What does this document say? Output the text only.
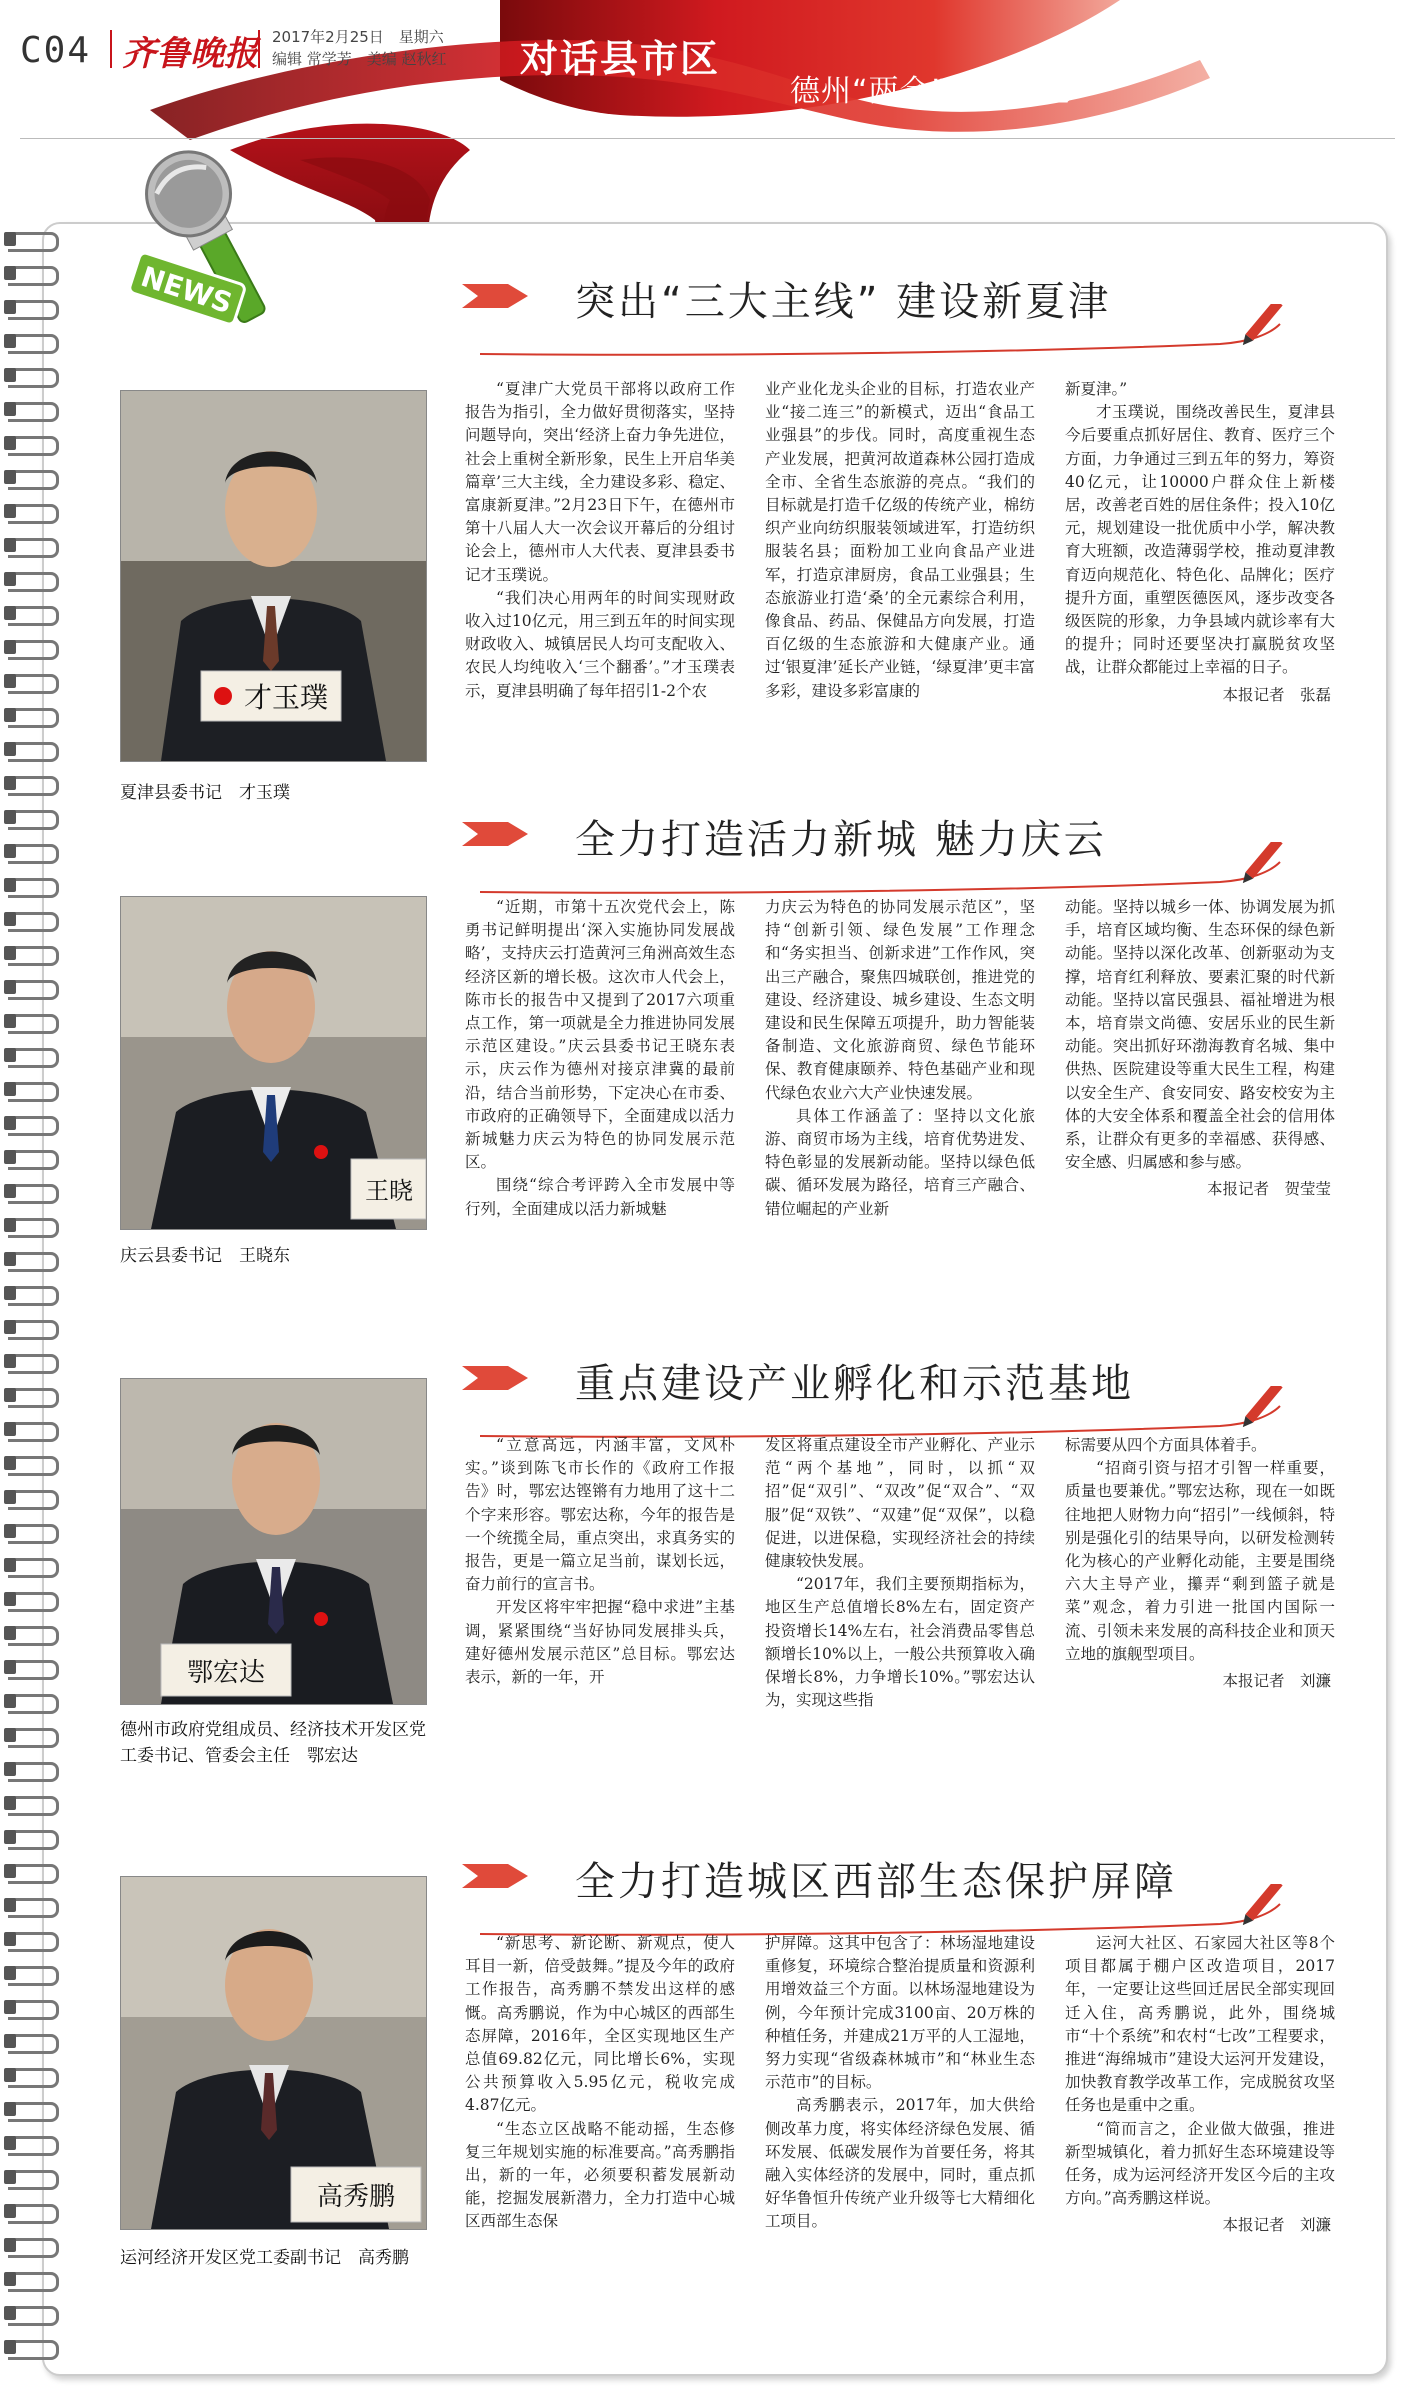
C04 齐鲁晚报 2017年2月25日　星期六
编辑 常学芳　美编 赵秋红 对话县市区
德州“两会”专题报道
NEWS	突出“三大主线” 建设新夏津
才玉璞
夏津县委书记　才玉璞

“夏津广大党员干部将以政府工作报告为指引，全力做好贯彻落实，坚持问题导向，突出‘经济上奋力争先进位，社会上重树全新形象，民生上开启华美篇章’三大主线，全力建设多彩、稳定、富康新夏津。”2月23日下午，在德州市第十八届人大一次会议开幕后的分组讨论会上，德州市人大代表、夏津县委书记才玉璞说。

“我们决心用两年的时间实现财政收入过10亿元，用三到五年的时间实现财政收入、城镇居民人均可支配收入、农民人均纯收入‘三个翻番’。”才玉璞表示，夏津县明确了每年招引1-2个农

业产业化龙头企业的目标，打造农业产业“接二连三”的新模式，迈出“食品工业强县”的步伐。同时，高度重视生态产业发展，把黄河故道森林公园打造成全市、全省生态旅游的亮点。“我们的目标就是打造千亿级的传统产业，棉纺织产业向纺织服装领域进军，打造纺织服装名县；面粉加工业向食品产业进军，打造京津厨房，食品工业强县；生态旅游业打造‘桑’的全元素综合利用，像食品、药品、保健品方向发展，打造百亿级的生态旅游和大健康产业。通过‘银夏津’延长产业链，‘绿夏津’更丰富多彩，建设多彩富康的

新夏津。”

才玉璞说，围绕改善民生，夏津县今后要重点抓好居住、教育、医疗三个方面，力争通过三到五年的努力，筹资40亿元，让10000户群众住上新楼居，改善老百姓的居住条件；投入10亿元，规划建设一批优质中小学，解决教育大班额，改造薄弱学校，推动夏津教育迈向规范化、特色化、品牌化；医疗提升方面，重塑医德医风，逐步改变各级医院的形象，力争县域内就诊率有大的提升；同时还要坚决打赢脱贫攻坚战，让群众都能过上幸福的日子。

本报记者　张磊
全力打造活力新城 魅力庆云
王晓
庆云县委书记　王晓东

“近期，市第十五次党代会上，陈勇书记鲜明提出‘深入实施协同发展战略’，支持庆云打造黄河三角洲高效生态经济区新的增长极。这次市人代会上，陈市长的报告中又提到了2017六项重点工作，第一项就是全力推进协同发展示范区建设。”庆云县委书记王晓东表示，庆云作为德州对接京津冀的最前沿，结合当前形势，下定决心在市委、市政府的正确领导下，全面建成以活力新城魅力庆云为特色的协同发展示范区。

围绕“综合考评跨入全市发展中等行列，全面建成以活力新城魅

力庆云为特色的协同发展示范区”，坚持“创新引领、绿色发展”工作理念和“务实担当、创新求进”工作作风，突出三产融合，聚焦四城联创，推进党的建设、经济建设、城乡建设、生态文明建设和民生保障五项提升，助力智能装备制造、文化旅游商贸、绿色节能环保、教育健康颐养、特色基础产业和现代绿色农业六大产业快速发展。

具体工作涵盖了：坚持以文化旅游、商贸市场为主线，培育优势进发、特色彰显的发展新动能。坚持以绿色低碳、循环发展为路径，培育三产融合、错位崛起的产业新

动能。坚持以城乡一体、协调发展为抓手，培育区域均衡、生态环保的绿色新动能。坚持以深化改革、创新驱动为支撑，培育红利释放、要素汇聚的时代新动能。坚持以富民强县、福祉增进为根本，培育崇文尚德、安居乐业的民生新动能。突出抓好环渤海教育名城、集中供热、医院建设等重大民生工程，构建以安全生产、食安同安、路安校安为主体的大安全体系和覆盖全社会的信用体系，让群众有更多的幸福感、获得感、安全感、归属感和参与感。

本报记者　贺莹莹
重点建设产业孵化和示范基地
鄂宏达
德州市政府党组成员、经济技术开发区党工委书记、管委会主任　鄂宏达

“立意高远，内涵丰富，文风朴实。”谈到陈飞市长作的《政府工作报告》时，鄂宏达铿锵有力地用了这十二个字来形容。鄂宏达称，今年的报告是一个统揽全局，重点突出，求真务实的报告，更是一篇立足当前，谋划长远，奋力前行的宣言书。

开发区将牢牢把握“稳中求进”主基调，紧紧围绕“当好协同发展排头兵，建好德州发展示范区”总目标。鄂宏达表示，新的一年，开

发区将重点建设全市产业孵化、产业示范“两个基地”，同时，以抓“双招”促“双引”、“双改”促“双合”、“双服”促“双铁”、“双建”促“双保”，以稳促进，以进保稳，实现经济社会的持续健康较快发展。

“2017年，我们主要预期指标为，地区生产总值增长8%左右，固定资产投资增长14%左右，社会消费品零售总额增长10%以上，一般公共预算收入确保增长8%，力争增长10%。”鄂宏达认为，实现这些指

标需要从四个方面具体着手。

“招商引资与招才引智一样重要，质量也要兼优。”鄂宏达称，现在一如既往地把人财物力向“招引”一线倾斜，特别是强化引的结果导向，以研发检测转化为核心的产业孵化动能，主要是围绕六大主导产业，攥弄“剩到篮子就是菜”观念，着力引进一批国内国际一流、引领未来发展的高科技企业和顶天立地的旗舰型项目。

本报记者　刘濂
全力打造城区西部生态保护屏障
高秀鹏
运河经济开发区党工委副书记　高秀鹏

“新思考、新论断、新观点，使人耳目一新，倍受鼓舞。”提及今年的政府工作报告，高秀鹏不禁发出这样的感慨。高秀鹏说，作为中心城区的西部生态屏障，2016年，全区实现地区生产总值69.82亿元，同比增长6%，实现公共预算收入5.95亿元，税收完成4.87亿元。

“生态立区战略不能动摇，生态修复三年规划实施的标准要高。”高秀鹏指出，新的一年，必须要积蓄发展新动能，挖掘发展新潜力，全力打造中心城区西部生态保

护屏障。这其中包含了：林场湿地建设重修复，环境综合整治提质量和资源利用增效益三个方面。以林场湿地建设为例，今年预计完成3100亩、20万株的种植任务，并建成21万平的人工湿地，努力实现“省级森林城市”和“林业生态示范市”的目标。

高秀鹏表示，2017年，加大供给侧改革力度，将实体经济绿色发展、循环发展、低碳发展作为首要任务，将其融入实体经济的发展中，同时，重点抓好华鲁恒升传统产业升级等七大精细化工项目。

运河大社区、石家园大社区等8个项目都属于棚户区改造项目，2017年，一定要让这些回迁居民全部实现回迁入住，高秀鹏说，此外，围绕城市“十个系统”和农村“七改”工程要求，推进“海绵城市”建设大运河开发建设，加快教育教学改革工作，完成脱贫攻坚任务也是重中之重。

“简而言之，企业做大做强，推进新型城镇化，着力抓好生态环境建设等任务，成为运河经济开发区今后的主攻方向。”高秀鹏这样说。

本报记者　刘濂
